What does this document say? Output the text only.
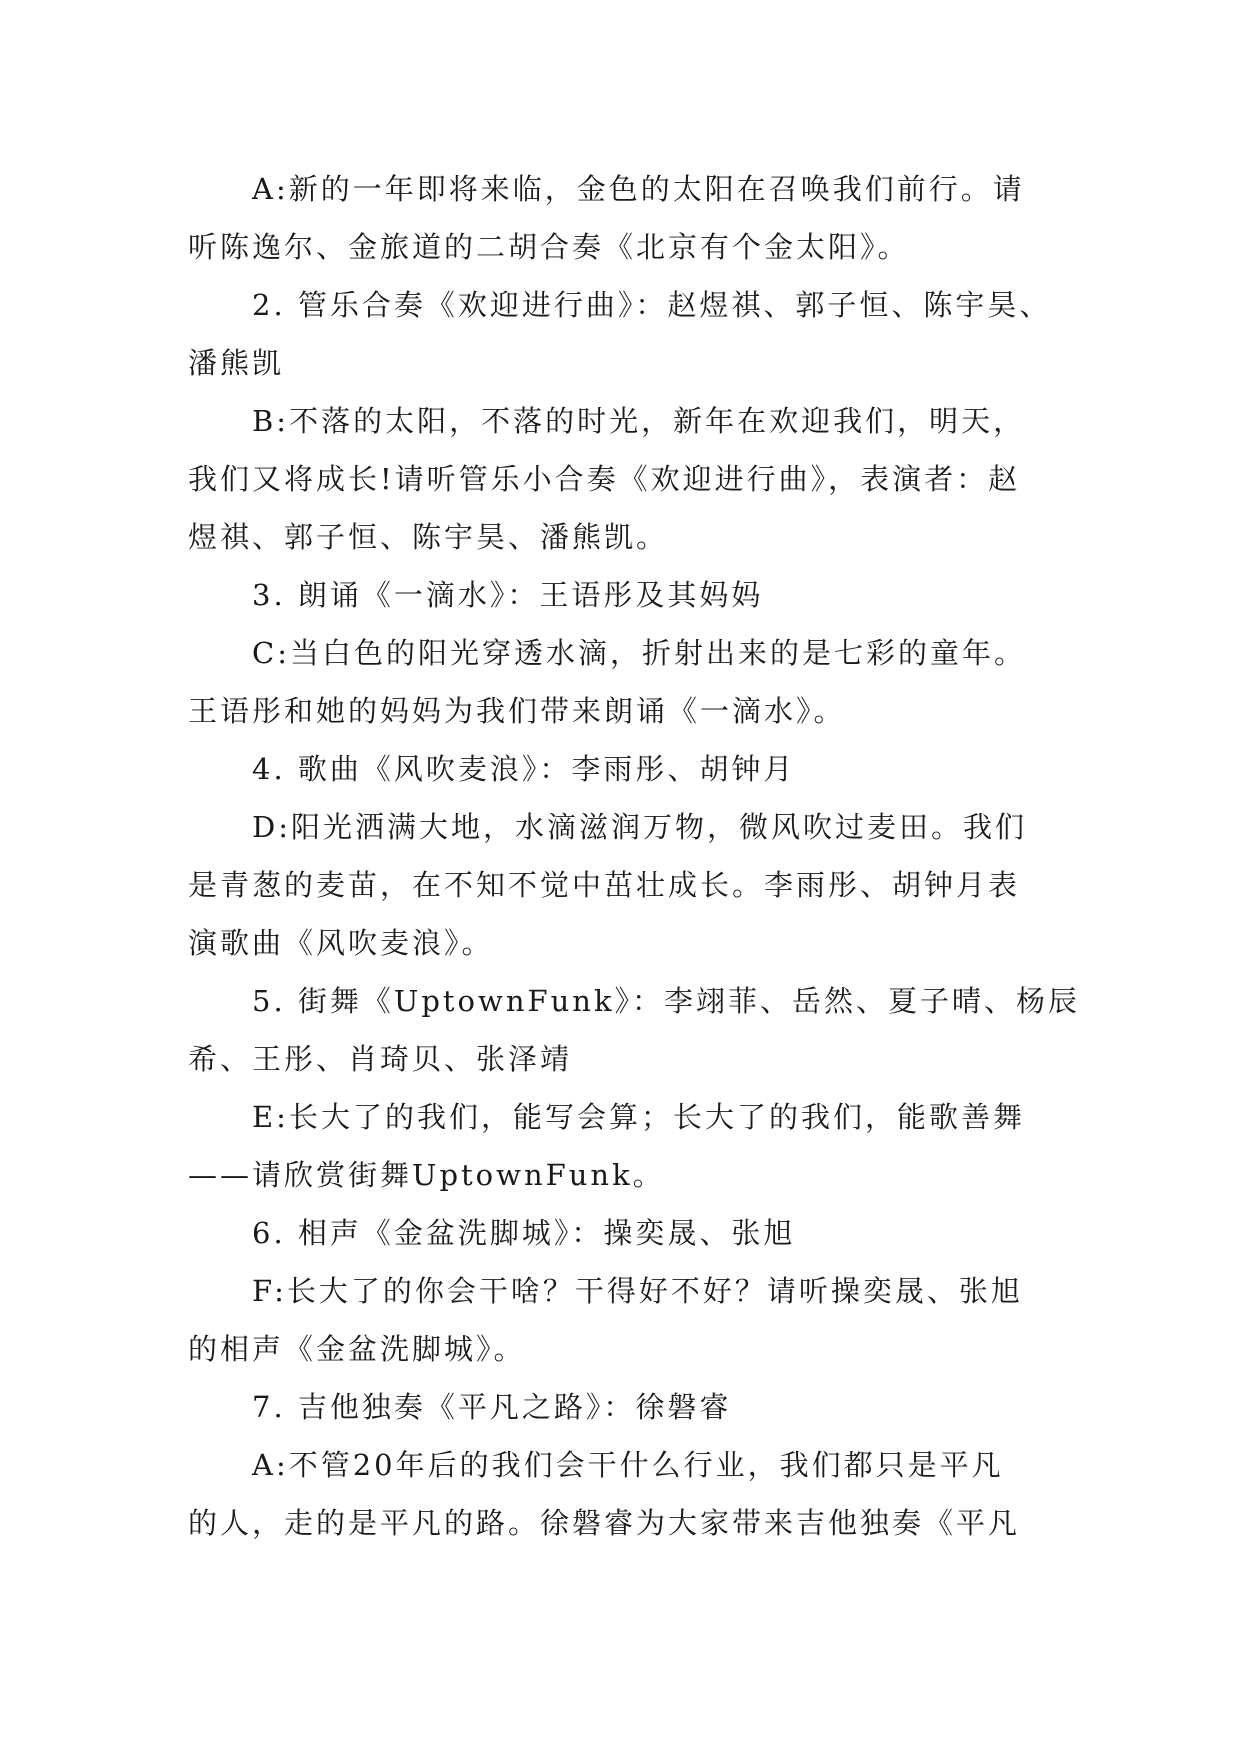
A:新的一年即将来临，金色的太阳在召唤我们前行。请
听陈逸尔、金旅道的二胡合奏《北京有个金太阳》。
2. 管乐合奏《欢迎进行曲》：赵煜祺、郭子恒、陈宇昊、
潘熊凯
B:不落的太阳，不落的时光，新年在欢迎我们，明天，
我们又将成长!请听管乐小合奏《欢迎进行曲》，表演者：赵
煜祺、郭子恒、陈宇昊、潘熊凯。
3. 朗诵《一滴水》：王语彤及其妈妈
C:当白色的阳光穿透水滴，折射出来的是七彩的童年。
王语彤和她的妈妈为我们带来朗诵《一滴水》。
4. 歌曲《风吹麦浪》：李雨彤、胡钟月
D:阳光洒满大地，水滴滋润万物，微风吹过麦田。我们
是青葱的麦苗，在不知不觉中茁壮成长。李雨彤、胡钟月表
演歌曲《风吹麦浪》。
5. 街舞《UptownFunk》：李翊菲、岳然、夏子晴、杨辰
希、王彤、肖琦贝、张泽靖
E:长大了的我们，能写会算；长大了的我们，能歌善舞
——请欣赏街舞UptownFunk。
6. 相声《金盆洗脚城》：操奕晟、张旭
F:长大了的你会干啥？干得好不好？请听操奕晟、张旭
的相声《金盆洗脚城》。
7. 吉他独奏《平凡之路》：徐磐睿
A:不管20年后的我们会干什么行业，我们都只是平凡
的人，走的是平凡的路。徐磐睿为大家带来吉他独奏《平凡
